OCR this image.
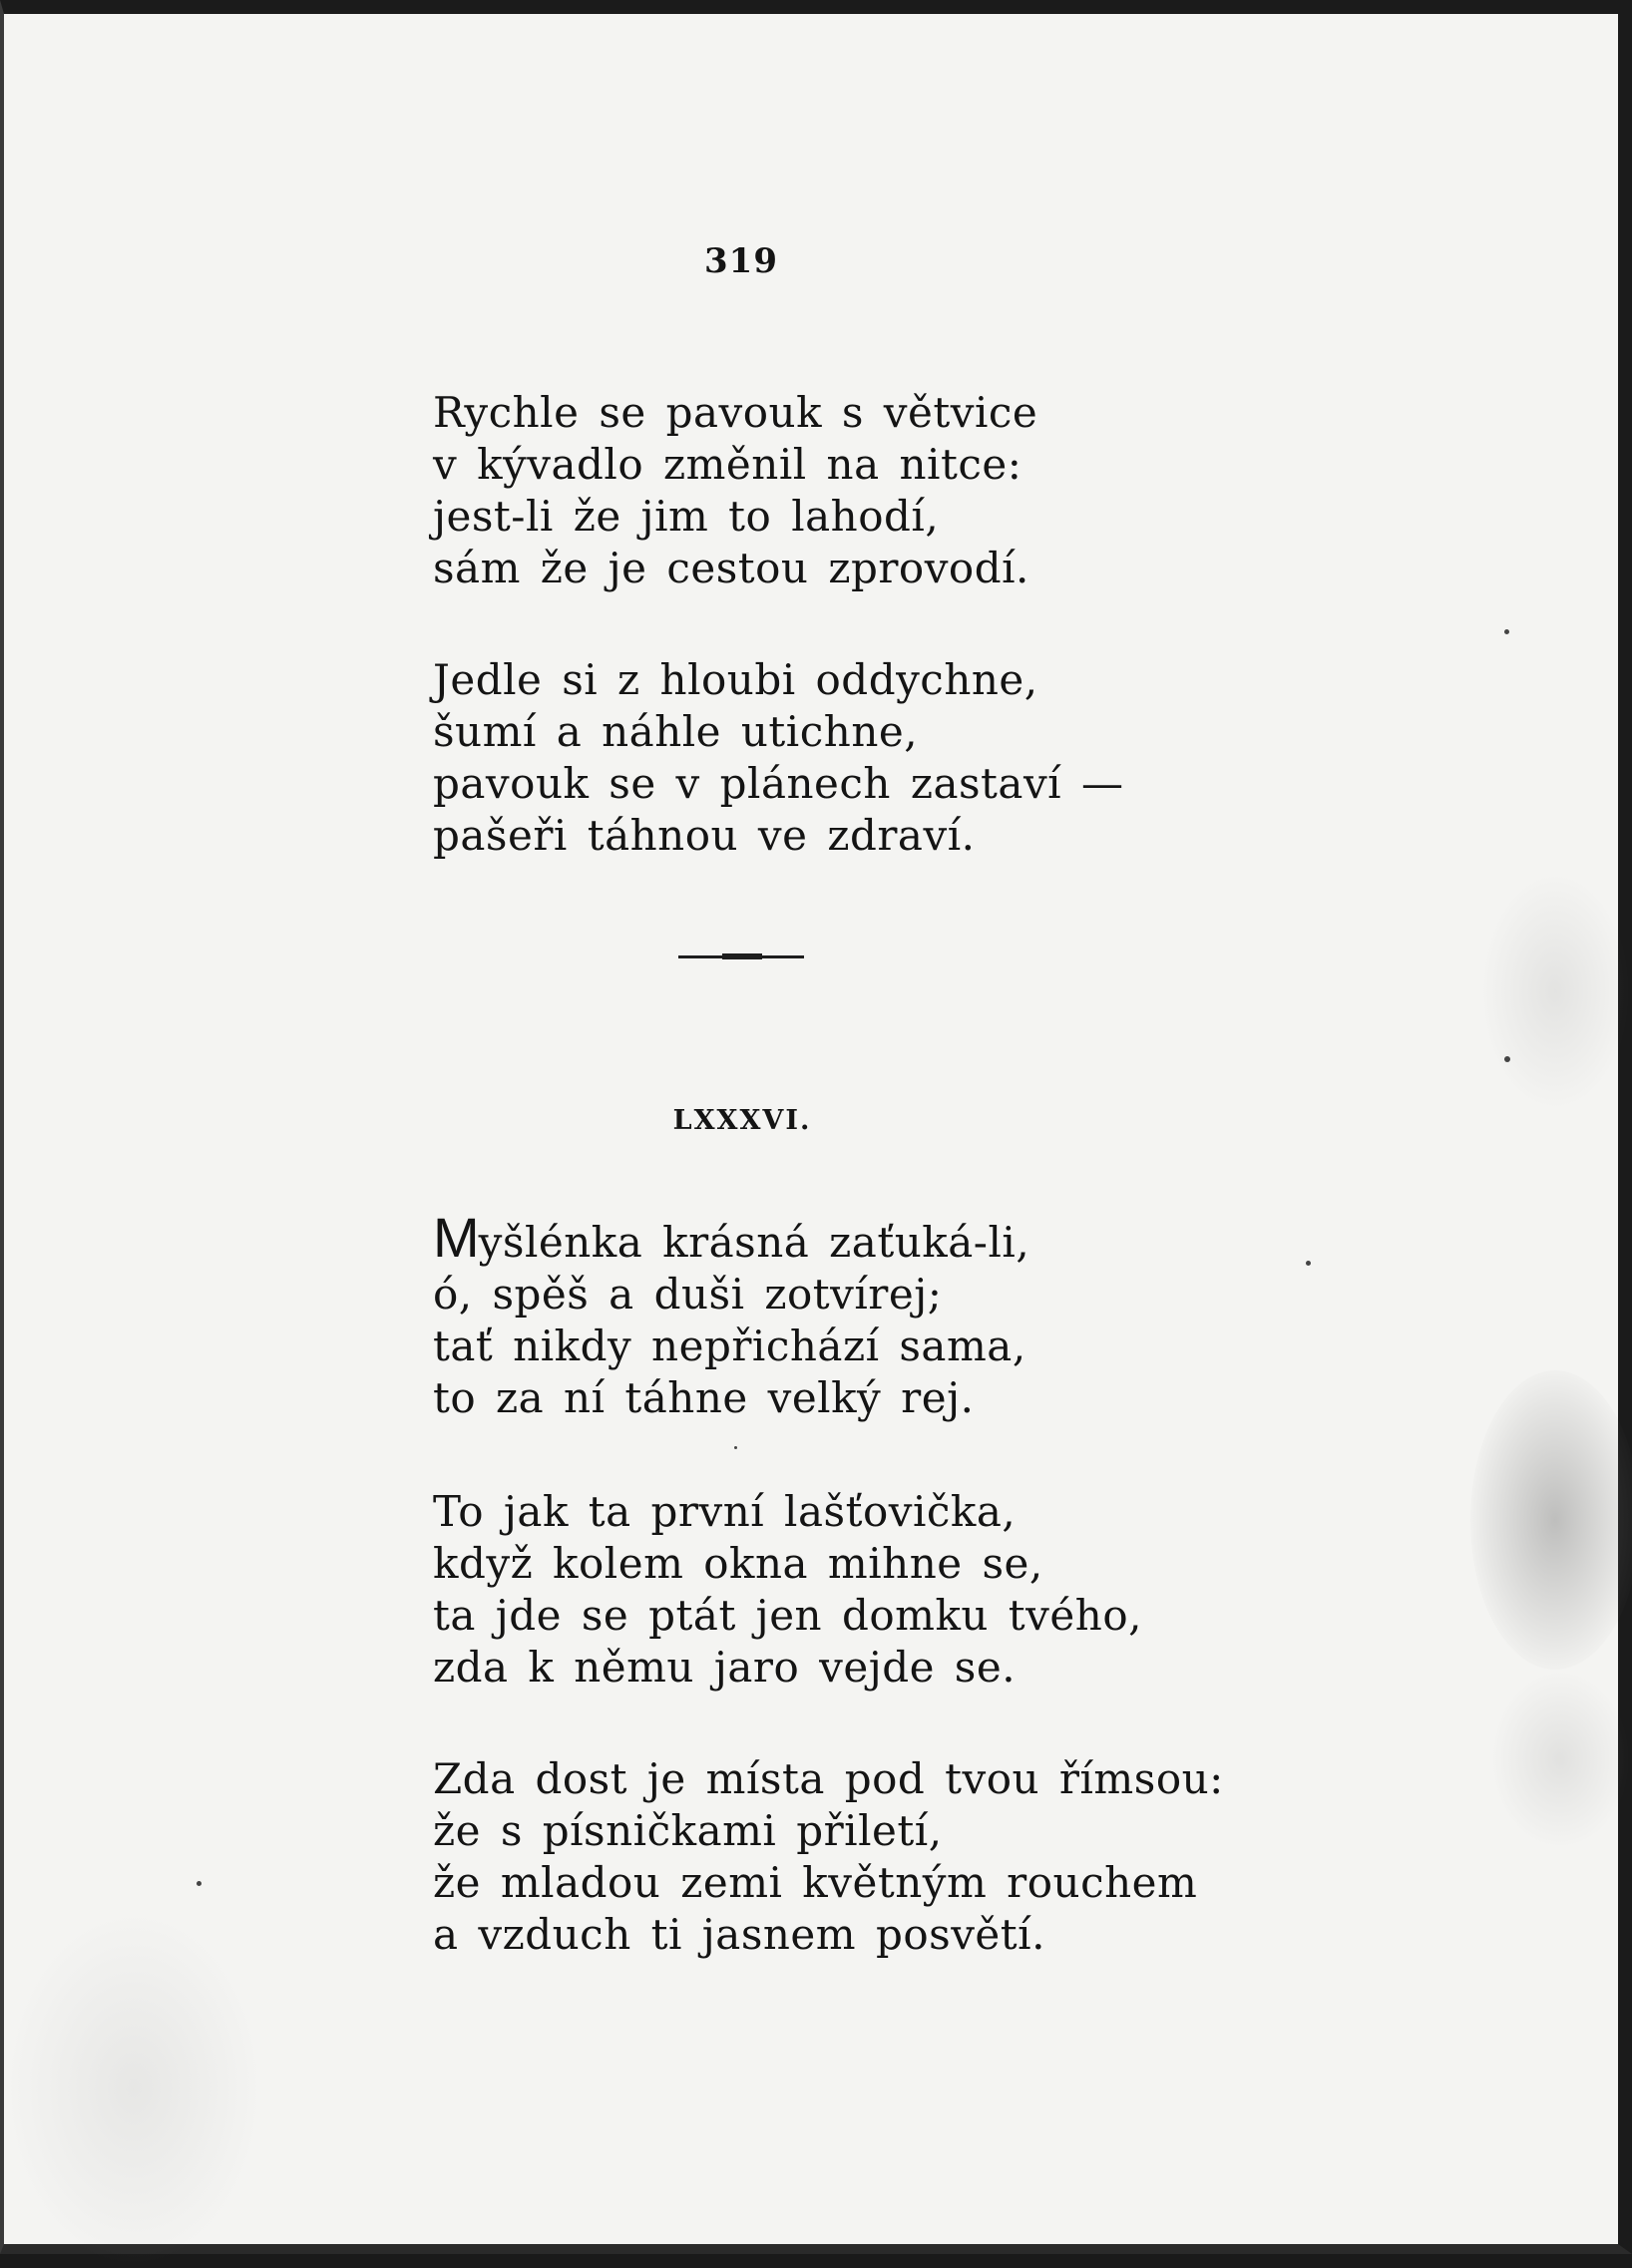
319
Rychle se pavouk s větvice
v kývadlo změnil na nitce:
jest-li že jim to lahodí,
sám že je cestou zprovodí.
Jedle si z hloubi oddychne,
šumí a náhle utichne,
pavouk se v plánech zastaví —
pašeři táhnou ve zdraví.
LXXXVI.
Myšlénka krásná zaťuká-li,
ó, spěš a duši zotvírej;
tať nikdy nepřichází sama,
to za ní táhne velký rej.
To jak ta první lašťovička,
když kolem okna mihne se,
ta jde se ptát jen domku tvého,
zda k němu jaro vejde se.
Zda dost je místa pod tvou římsou:
že s písničkami přiletí,
že mladou zemi květným rouchem
a vzduch ti jasnem posvětí.
